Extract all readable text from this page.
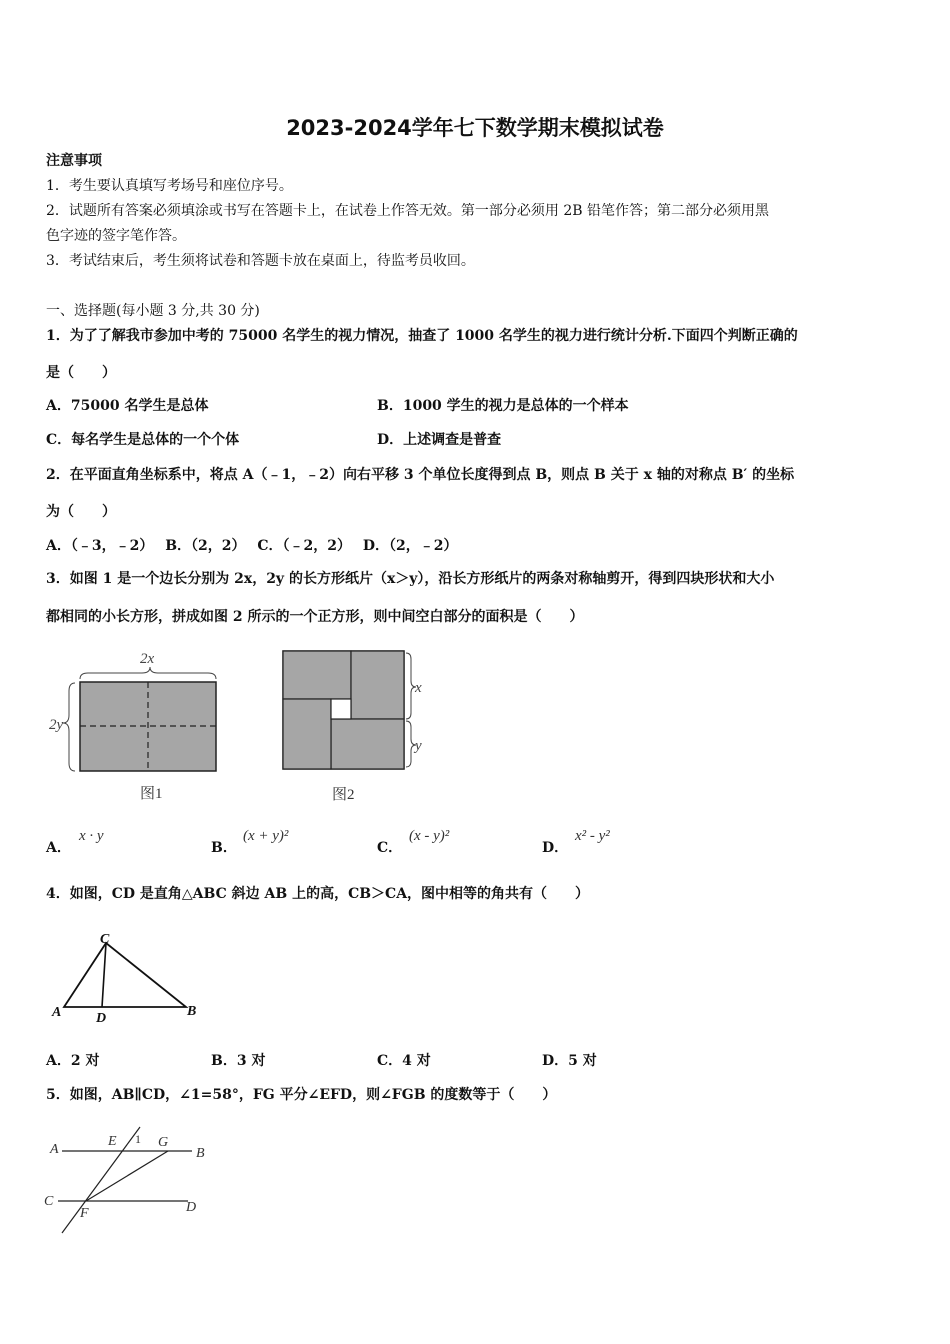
2023-2024学年七下数学期末模拟试卷
注意事项
1．考生要认真填写考场号和座位序号。
2．试题所有答案必须填涂或书写在答题卡上，在试卷上作答无效。第一部分必须用 2B 铅笔作答；第二部分必须用黑
色字迹的签字笔作答。
3．考试结束后，考生须将试卷和答题卡放在桌面上，待监考员收回。
一、选择题(每小题 3 分,共 30 分)
1．为了了解我市参加中考的 75000 名学生的视力情况，抽查了 1000 名学生的视力进行统计分析.下面四个判断正确的
是（　　）
A．75000 名学生是总体	B．1000 学生的视力是总体的一个样本
C．每名学生是总体的一个个体	D．上述调查是普查
2．在平面直角坐标系中，将点 A（﹣1，﹣2）向右平移 3 个单位长度得到点 B，则点 B 关于 x 轴的对称点 B′ 的坐标
为（　　）
A．（﹣3，﹣2）　 B．（2，2）　 C．（﹣2，2）　 D．（2，﹣2）
3．如图 1 是一个边长分别为 2x，2y 的长方形纸片（x＞y），沿长方形纸片的两条对称轴剪开，得到四块形状和大小
都相同的小长方形，拼成如图 2 所示的一个正方形，则中间空白部分的面积是（　　）
2x
2y
图1
x
y
图2
A．
x · y
B．
(x + y)²
C．
(x - y)²
D．
x² - y²
4．如图，CD 是直角△ABC 斜边 AB 上的高，CB＞CA，图中相等的角共有（　　）
C
A D	B
A．2 对	B．3 对	C．4 对	D．5 对
5．如图，AB∥CD，∠1=58°，FG 平分∠EFD，则∠FGB 的度数等于（　　）
A
E 1 G
B
C
F	D
